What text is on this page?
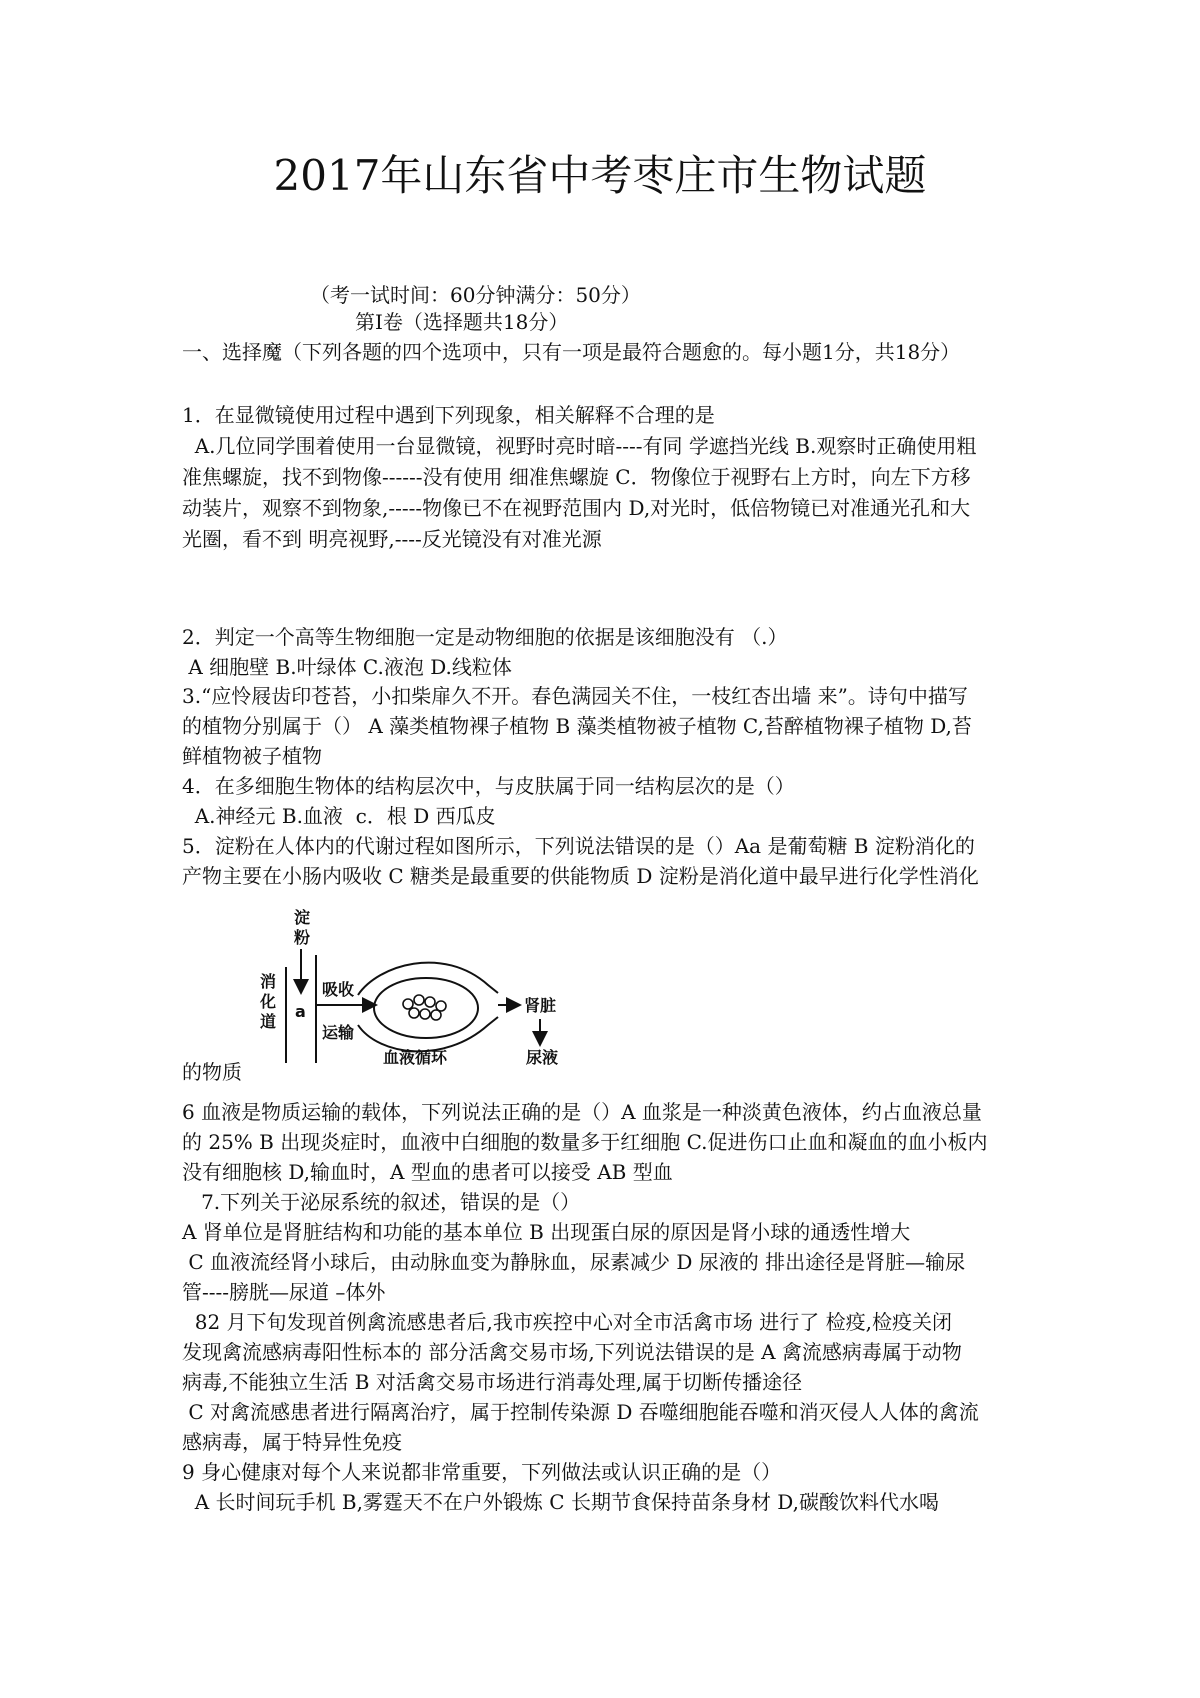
2017年山东省中考枣庄市生物试题
（考一试时间：60分钟满分：50分）
第I卷（选择题共18分）
一、选择魔（下列各题的四个选项中，只有一项是最符合题愈的。每小题1分，共18分）
1．在显微镜使用过程中遇到下列现象，相关解释不合理的是
A.几位同学围着使用一台显微镜，视野时亮时暗----有同 学遮挡光线 B.观察时正确使用粗
准焦螺旋，找不到物像------没有使用 细准焦螺旋 C．物像位于视野右上方时，向左下方移
动装片，观察不到物象,-----物像已不在视野范围内 D,对光时，低倍物镜已对准通光孔和大
光圈，看不到 明亮视野,----反光镜没有对准光源
2．判定一个高等生物细胞一定是动物细胞的依据是该细胞没有 （.）
A 细胞壁 B.叶绿体 C.液泡 D.线粒体
3.“应怜屐齿印苍苔，小扣柴扉久不开。春色满园关不住，一枝红杏出墙 来”。诗句中描写
的植物分别属于（） A 藻类植物裸子植物 B 藻类植物被子植物 C,苔醉植物裸子植物 D,苔
鲜植物被子植物
4．在多细胞生物体的结构层次中，与皮肤属于同一结构层次的是（）
A.神经元 B.血液  c．根 D 西瓜皮
5．淀粉在人体内的代谢过程如图所示，下列说法错误的是（）Aa 是葡萄糖 B 淀粉消化的
产物主要在小肠内吸收 C 糖类是最重要的供能物质 D 淀粉是消化道中最早进行化学性消化
淀
粉
消
化
道
a
吸收
运输
肾脏
尿液
血液循环
的物质
6 血液是物质运输的载体，下列说法正确的是（）A 血浆是一种淡黄色液体，约占血液总量
的 25% B 出现炎症时，血液中白细胞的数量多于红细胞 C.促进伤口止血和凝血的血小板内
没有细胞核 D,输血时，A 型血的患者可以接受 AB 型血
7.下列关于泌尿系统的叙述，错误的是（）
A 肾单位是肾脏结构和功能的基本单位 B 出现蛋白尿的原因是肾小球的通透性增大
C 血液流经肾小球后，由动脉血变为静脉血，尿素减少 D 尿液的 排出途径是肾脏—输尿
管----膀胱—尿道 –体外
82 月下旬发现首例禽流感患者后,我市疾控中心对全市活禽市场 进行了 检疫,检疫关闭
发现禽流感病毒阳性标本的 部分活禽交易市场,下列说法错误的是 A 禽流感病毒属于动物
病毒,不能独立生活 B 对活禽交易市场进行消毒处理,属于切断传播途径
C 对禽流感患者进行隔离治疗，属于控制传染源 D 吞噬细胞能吞噬和消灭侵人人体的禽流
感病毒，属于特异性免疫
9 身心健康对每个人来说都非常重要，下列做法或认识正确的是（）
A 长时间玩手机 B,雾霆天不在户外锻炼 C 长期节食保持苗条身材 D,碳酸饮料代水喝
